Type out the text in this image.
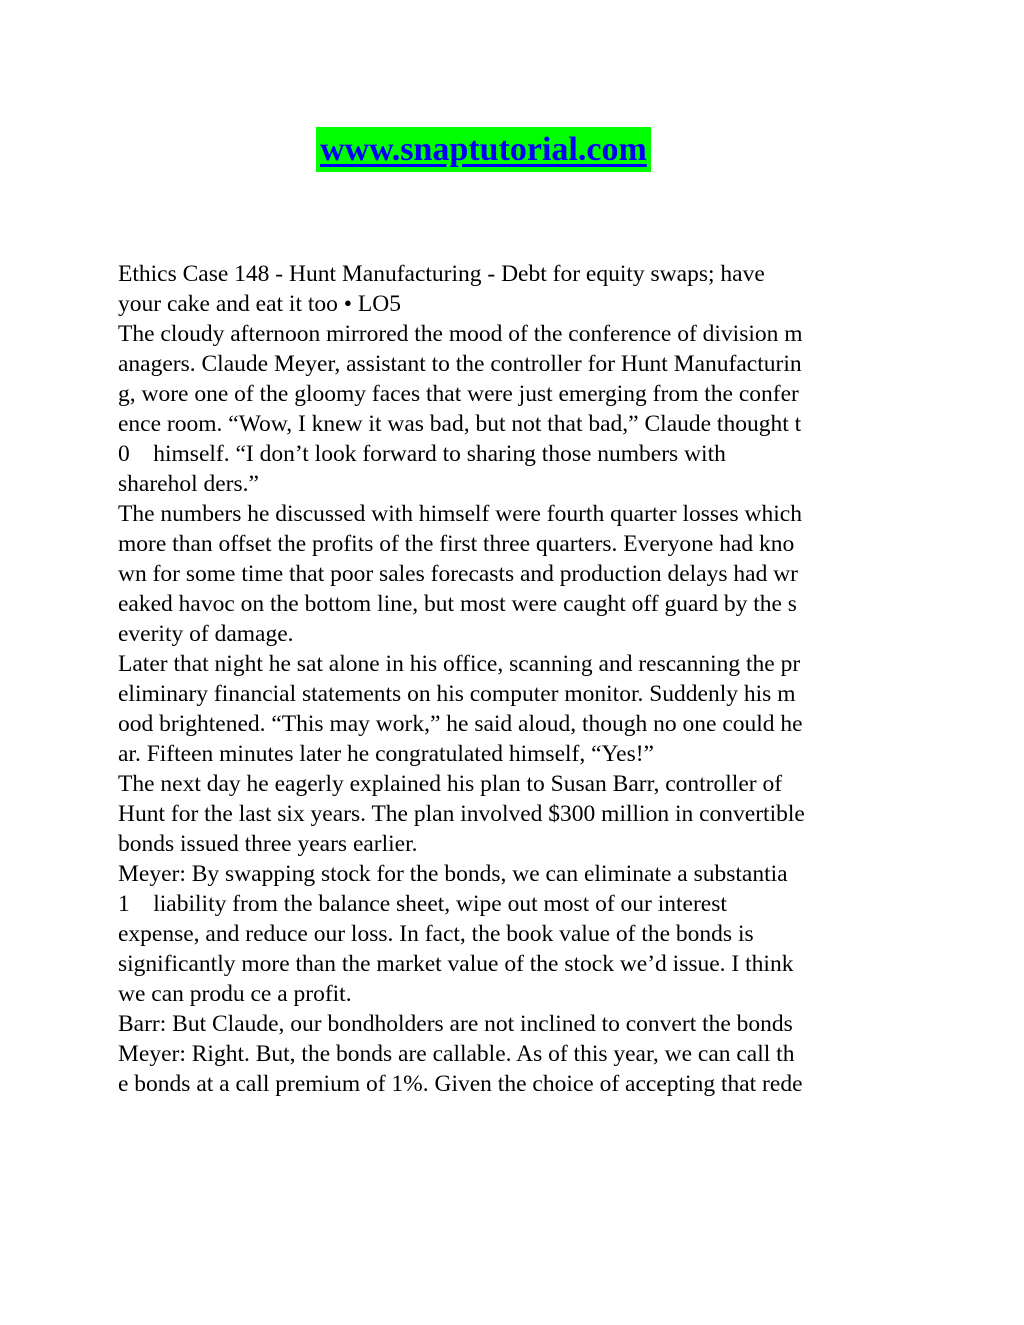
www.snaptutorial.com
Ethics Case 148 - Hunt Manufacturing - Debt for equity swaps; have
your cake and eat it too • LO5
The cloudy afternoon mirrored the mood of the conference of division m
anagers. Claude Meyer, assistant to the controller for Hunt Manufacturin
g, wore one of the gloomy faces that were just emerging from the confer
ence room. “Wow, I knew it was bad, but not that bad,” Claude thought t
0    himself. “I don’t look forward to sharing those numbers with
sharehol ders.”
The numbers he discussed with himself were fourth quarter losses which
more than offset the profits of the first three quarters. Everyone had kno
wn for some time that poor sales forecasts and production delays had wr
eaked havoc on the bottom line, but most were caught off guard by the s
everity of damage.
Later that night he sat alone in his office, scanning and rescanning the pr
eliminary financial statements on his computer monitor. Suddenly his m
ood brightened. “This may work,” he said aloud, though no one could he
ar. Fifteen minutes later he congratulated himself, “Yes!”
The next day he eagerly explained his plan to Susan Barr, controller of
Hunt for the last six years. The plan involved $300 million in convertible
bonds issued three years earlier.
Meyer: By swapping stock for the bonds, we can eliminate a substantia
1    liability from the balance sheet, wipe out most of our interest
expense, and reduce our loss. In fact, the book value of the bonds is
significantly more than the market value of the stock we’d issue. I think
we can produ ce a profit.
Barr: But Claude, our bondholders are not inclined to convert the bonds
Meyer: Right. But, the bonds are callable. As of this year, we can call th
e bonds at a call premium of 1%. Given the choice of accepting that rede
